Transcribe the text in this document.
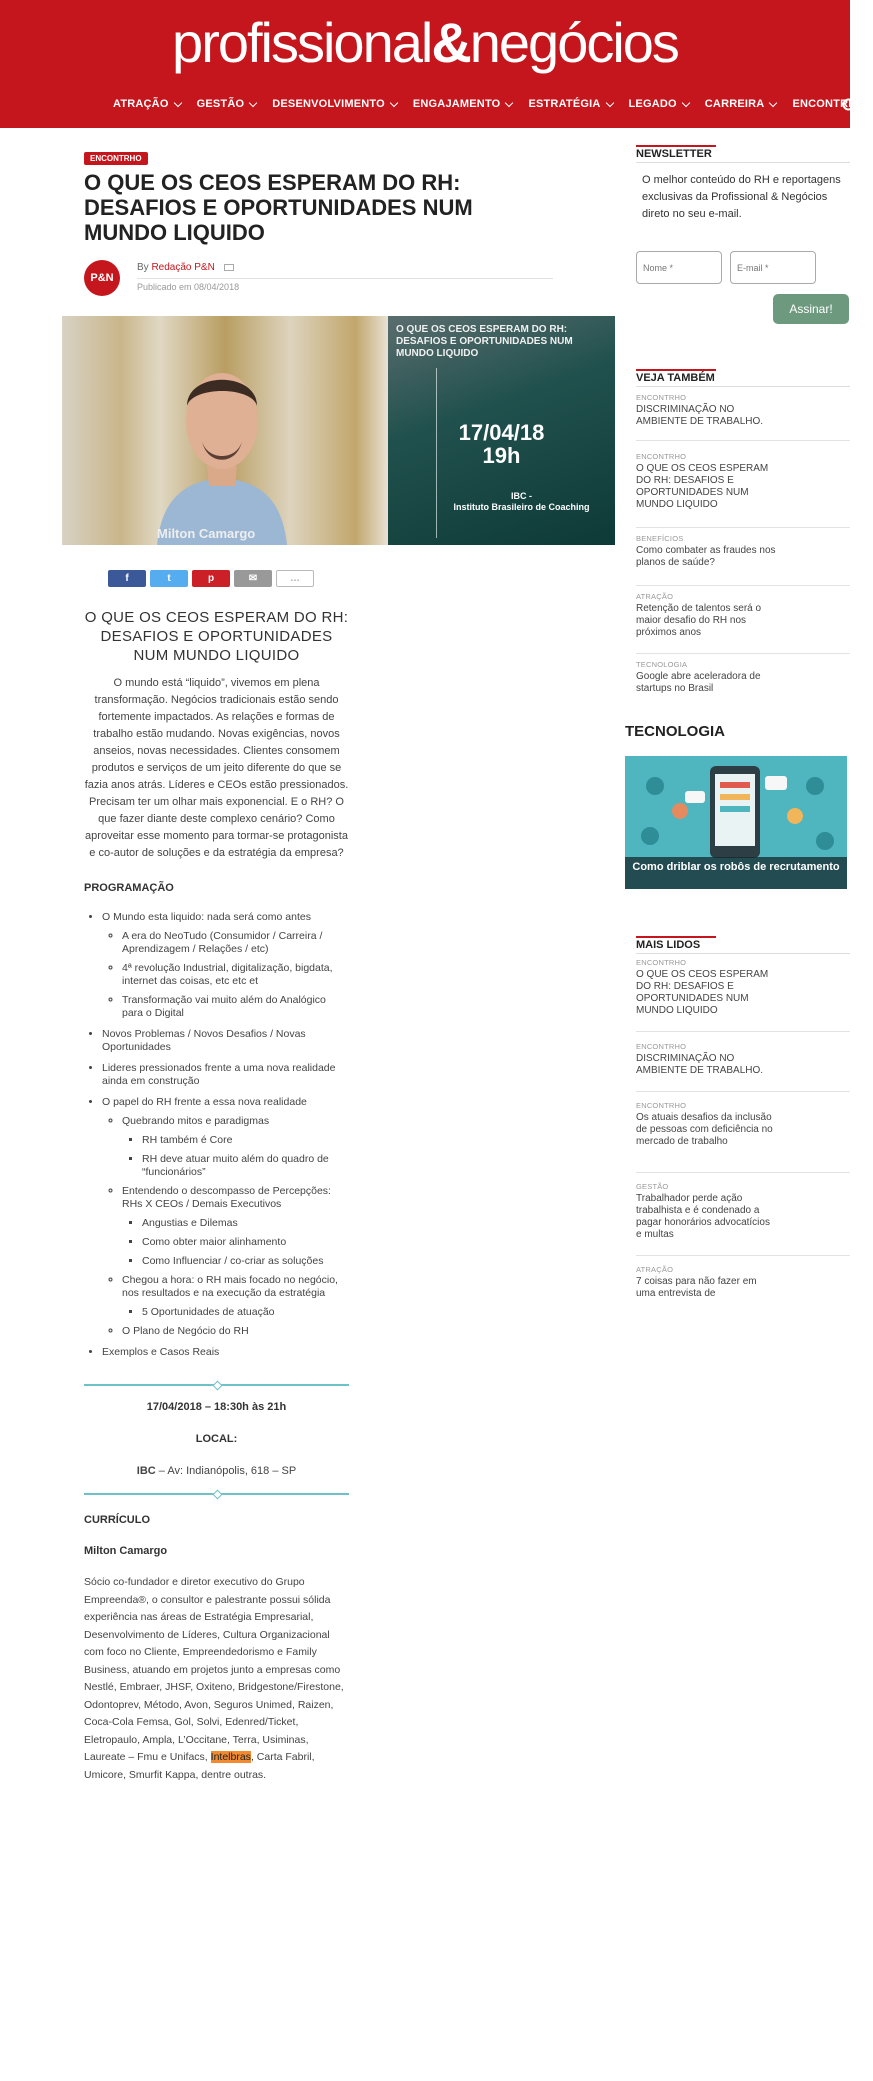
profissional&negócios
ATRAÇÃO	GESTÃO	DESENVOLVIMENTO	ENGAJAMENTO	ESTRATÉGIA	LEGADO	CARREIRA	ENCONTRHO
ENCONTRHO
O QUE OS CEOS ESPERAM DO RH: DESAFIOS E OPORTUNIDADES NUM MUNDO LIQUIDO
P&N
By Redação P&N
Publicado em 08/04/2018
Milton Camargo
O QUE OS CEOS ESPERAM DO RH: DESAFIOS E OPORTUNIDADES NUM MUNDO LIQUIDO
17/04/18
19h
IBC -
Instituto Brasileiro de Coaching
f	t	p	✉	…
O QUE OS CEOS ESPERAM DO RH: DESAFIOS E OPORTUNIDADES NUM MUNDO LIQUIDO

O mundo está “liquido”, vivemos em plena transformação. Negócios tradicionais estão sendo fortemente impactados. As relações e formas de trabalho estão mudando. Novas exigências, novos anseios, novas necessidades. Clientes consomem produtos e serviços de um jeito diferente do que se fazia anos atrás. Líderes e CEOs estão pressionados. Precisam ter um olhar mais exponencial. E o RH? O que fazer diante deste complexo cenário? Como aproveitar esse momento para tormar-se protagonista e co-autor de soluções e da estratégia da empresa?

PROGRAMAÇÃO

• O Mundo esta liquido: nada será como antes
◦ A era do NeoTudo (Consumidor / Carreira / Aprendizagem / Relações / etc)
◦ 4ª revolução Industrial, digitalização, bigdata, internet das coisas, etc etc et
◦ Transformação vai muito além do Analógico para o Digital
• Novos Problemas / Novos Desafios / Novas Oportunidades
• Lideres pressionados frente a uma nova realidade ainda em construção
• O papel do RH frente a essa nova realidade
◦ Quebrando mitos e paradigmas
▪ RH também é Core
▪ RH deve atuar muito além do quadro de “funcionários”
◦ Entendendo o descompasso de Percepções: RHs X CEOs / Demais Executivos
▪ Angustias e Dilemas
▪ Como obter maior alinhamento
▪ Como Influenciar / co-criar as soluções
◦ Chegou a hora: o RH mais focado no negócio, nos resultados e na execução da estratégia
▪ 5 Oportunidades de atuação
◦ O Plano de Negócio do RH
• Exemplos e Casos Reais

17/04/2018 – 18:30h às 21h

LOCAL:

IBC – Av: Indianópolis, 618 – SP

CURRÍCULO

Milton Camargo

Sócio co-fundador e diretor executivo do Grupo Empreenda®, o consultor e palestrante possui sólida experiência nas áreas de Estratégia Empresarial, Desenvolvimento de Líderes, Cultura Organizacional com foco no Cliente, Empreendedorismo e Family Business, atuando em projetos junto a empresas como Nestlé, Embraer, JHSF, Oxiteno, Bridgestone/Firestone, Odontoprev, Método, Avon, Seguros Unimed, Raizen, Coca-Cola Femsa, Gol, Solvi, Edenred/Ticket, Eletropaulo, Ampla, L’Occitane, Terra, Usiminas, Laureate – Fmu e Unifacs, Intelbras, Carta Fabril, Umicore, Smurfit Kappa, dentre outras.

NEWSLETTER
O melhor conteúdo do RH e reportagens exclusivas da Profissional & Negócios direto no seu e-mail.
Nome *	E-mail *
Assinar!
VEJA TAMBÉM
ENCONTRHO
DISCRIMINAÇÃO NO AMBIENTE DE TRABALHO.
ENCONTRHO
O QUE OS CEOS ESPERAM DO RH: DESAFIOS E OPORTUNIDADES NUM MUNDO LIQUIDO
BENEFÍCIOS
Como combater as fraudes nos planos de saúde?
ATRAÇÃO
Retenção de talentos será o maior desafio do RH nos próximos anos
TECNOLOGIA
Google abre aceleradora de startups no Brasil
TECNOLOGIA
Como driblar os robôs de recrutamento
MAIS LIDOS
ENCONTRHO
O QUE OS CEOS ESPERAM DO RH: DESAFIOS E OPORTUNIDADES NUM MUNDO LIQUIDO
ENCONTRHO
DISCRIMINAÇÃO NO AMBIENTE DE TRABALHO.
ENCONTRHO
Os atuais desafios da inclusão de pessoas com deficiência no mercado de trabalho
GESTÃO
Trabalhador perde ação trabalhista e é condenado a pagar honorários advocatícios e multas
ATRAÇÃO
7 coisas para não fazer em uma entrevista de
